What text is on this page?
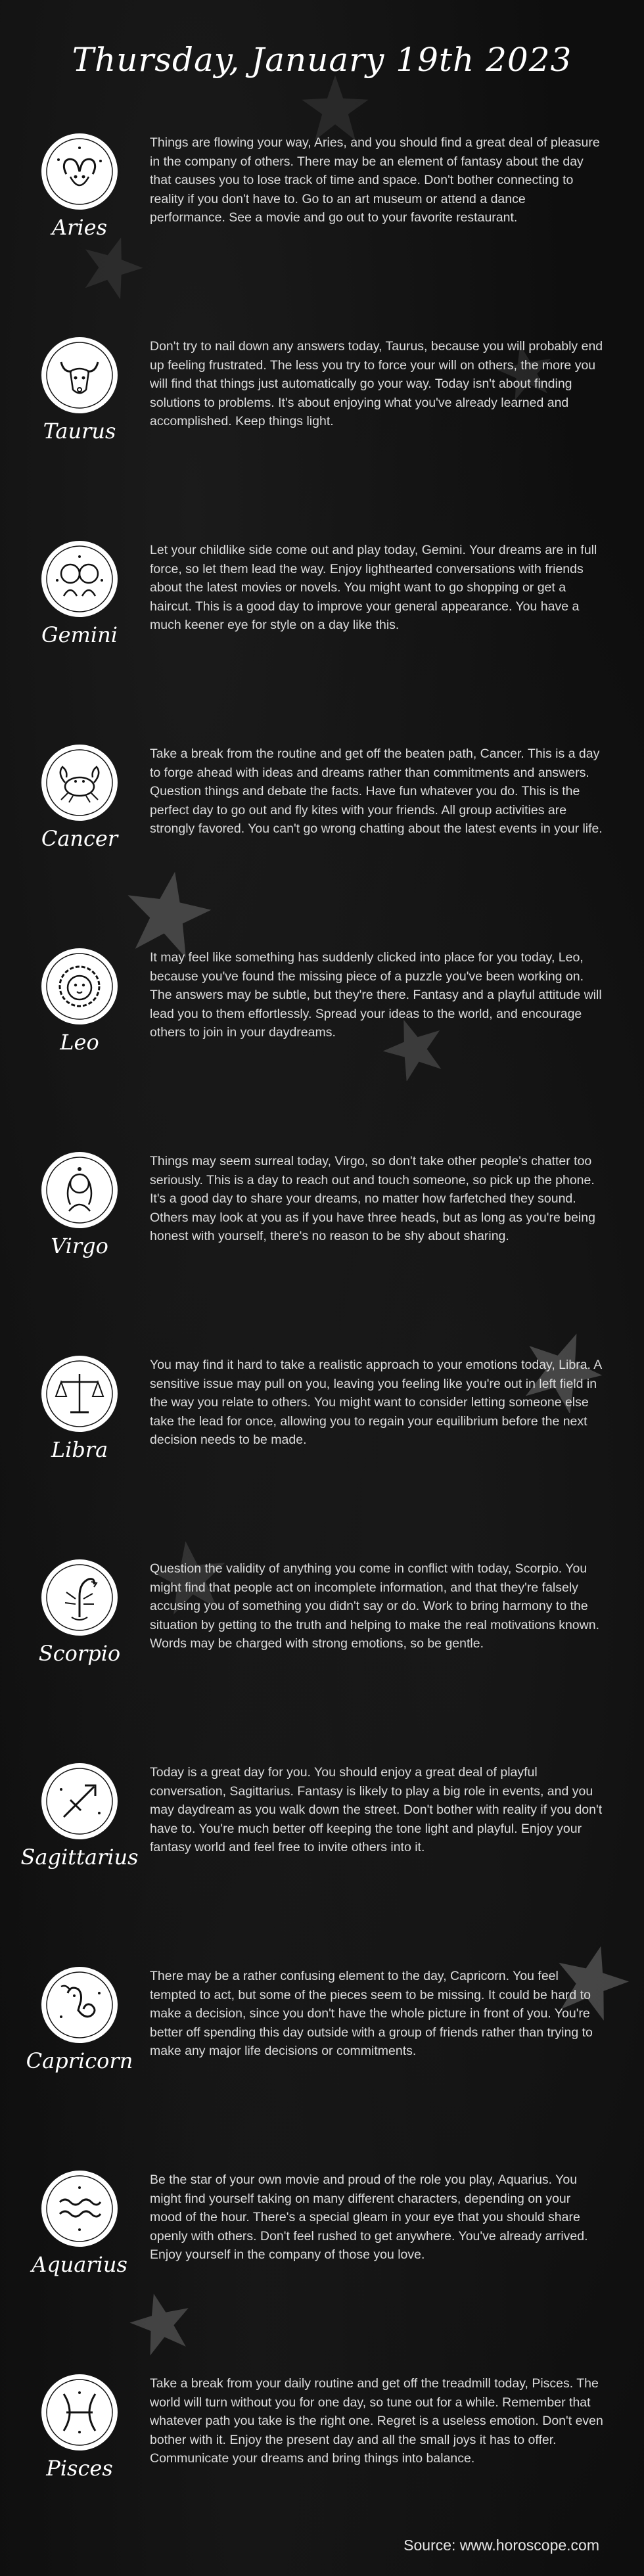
Thursday, January 19th 2023
Aries

Things are flowing your way, Aries, and you should find a great deal of pleasure in the company of others. There may be an element of fantasy about the day that causes you to lose track of time and space. Don't bother connecting to reality if you don't have to. Go to an art museum or attend a dance performance. See a movie and go out to your favorite restaurant.

Taurus

Don't try to nail down any answers today, Taurus, because you will probably end up feeling frustrated. The less you try to force your will on others, the more you will find that things just automatically go your way. Today isn't about finding solutions to problems. It's about enjoying what you've already learned and accomplished. Keep things light.

Gemini

Let your childlike side come out and play today, Gemini. Your dreams are in full force, so let them lead the way. Enjoy lighthearted conversations with friends about the latest movies or novels. You might want to go shopping or get a haircut. This is a good day to improve your general appearance. You have a much keener eye for style on a day like this.

Cancer

Take a break from the routine and get off the beaten path, Cancer. This is a day to forge ahead with ideas and dreams rather than commitments and answers. Question things and debate the facts. Have fun whatever you do. This is the perfect day to go out and fly kites with your friends. All group activities are strongly favored. You can't go wrong chatting about the latest events in your life.

Leo

It may feel like something has suddenly clicked into place for you today, Leo, because you've found the missing piece of a puzzle you've been working on. The answers may be subtle, but they're there. Fantasy and a playful attitude will lead you to them effortlessly. Spread your ideas to the world, and encourage others to join in your daydreams.

Virgo

Things may seem surreal today, Virgo, so don't take other people's chatter too seriously. This is a day to reach out and touch someone, so pick up the phone. It's a good day to share your dreams, no matter how farfetched they sound. Others may look at you as if you have three heads, but as long as you're being honest with yourself, there's no reason to be shy about sharing.

Libra

You may find it hard to take a realistic approach to your emotions today, Libra. A sensitive issue may pull on you, leaving you feeling like you're out in left field in the way you relate to others. You might want to consider letting someone else take the lead for once, allowing you to regain your equilibrium before the next decision needs to be made.

Scorpio

Question the validity of anything you come in conflict with today, Scorpio. You might find that people act on incomplete information, and that they're falsely accusing you of something you didn't say or do. Work to bring harmony to the situation by getting to the truth and helping to make the real motivations known. Words may be charged with strong emotions, so be gentle.

Sagittarius

Today is a great day for you. You should enjoy a great deal of playful conversation, Sagittarius. Fantasy is likely to play a big role in events, and you may daydream as you walk down the street. Don't bother with reality if you don't have to. You're much better off keeping the tone light and playful. Enjoy your fantasy world and feel free to invite others into it.

Capricorn

There may be a rather confusing element to the day, Capricorn. You feel tempted to act, but some of the pieces seem to be missing. It could be hard to make a decision, since you don't have the whole picture in front of you. You're better off spending this day outside with a group of friends rather than trying to make any major life decisions or commitments.

Aquarius

Be the star of your own movie and proud of the role you play, Aquarius. You might find yourself taking on many different characters, depending on your mood of the hour. There's a special gleam in your eye that you should share openly with others. Don't feel rushed to get anywhere. You've already arrived. Enjoy yourself in the company of those you love.

Pisces

Take a break from your daily routine and get off the treadmill today, Pisces. The world will turn without you for one day, so tune out for a while. Remember that whatever path you take is the right one. Regret is a useless emotion. Don't even bother with it. Enjoy the present day and all the small joys it has to offer. Communicate your dreams and bring things into balance.

Source: www.horoscope.com
